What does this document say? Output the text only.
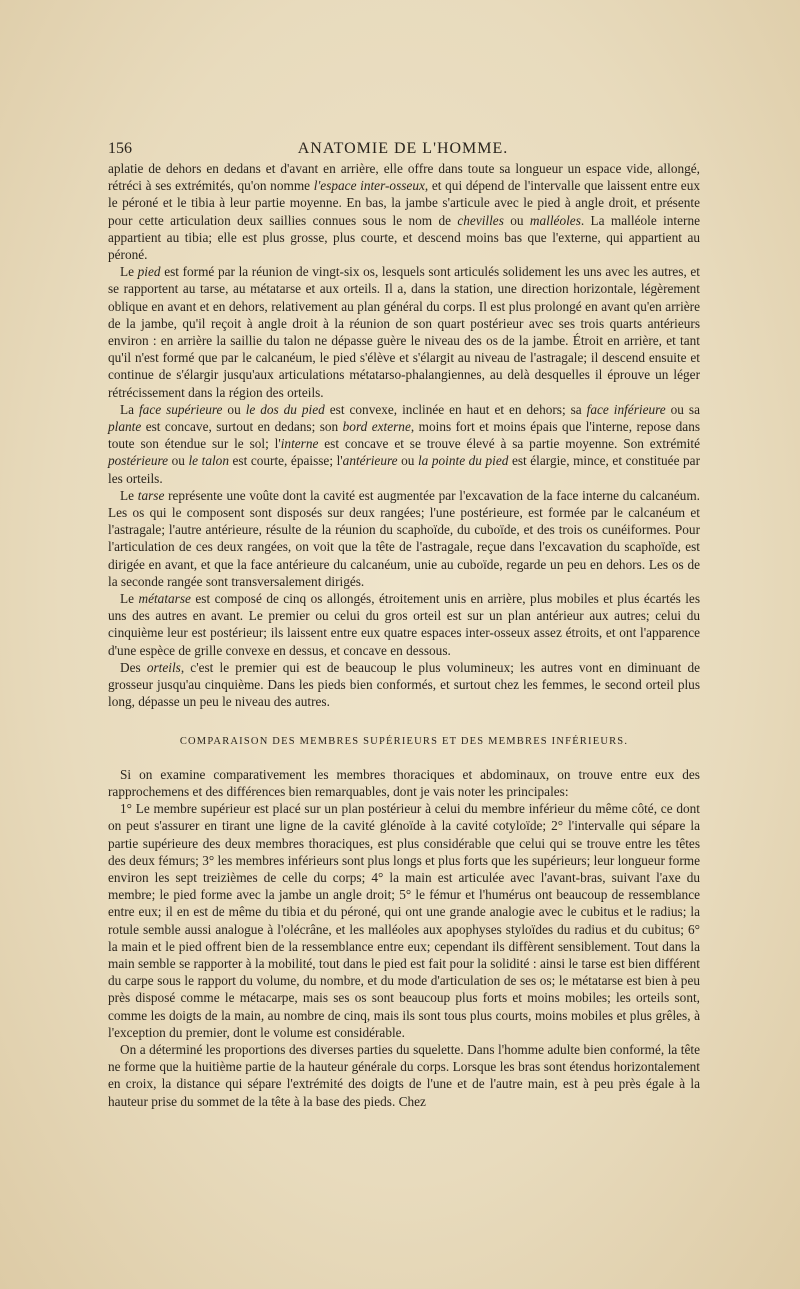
156	ANATOMIE DE L'HOMME.

aplatie de dehors en dedans et d'avant en arrière, elle offre dans toute sa longueur un espace vide, allongé, rétréci à ses extrémités, qu'on nomme l'espace inter-osseux, et qui dépend de l'intervalle que laissent entre eux le péroné et le tibia à leur partie moyenne. En bas, la jambe s'articule avec le pied à angle droit, et présente pour cette articulation deux saillies connues sous le nom de chevilles ou malléoles. La malléole interne appartient au tibia; elle est plus grosse, plus courte, et descend moins bas que l'externe, qui appartient au péroné.

Le pied est formé par la réunion de vingt-six os, lesquels sont articulés solidement les uns avec les autres, et se rapportent au tarse, au métatarse et aux orteils. Il a, dans la station, une direction horizontale, légèrement oblique en avant et en dehors, relativement au plan général du corps. Il est plus prolongé en avant qu'en arrière de la jambe, qu'il reçoit à angle droit à la réunion de son quart postérieur avec ses trois quarts antérieurs environ : en arrière la saillie du talon ne dépasse guère le niveau des os de la jambe. Étroit en arrière, et tant qu'il n'est formé que par le calcanéum, le pied s'élève et s'élargit au niveau de l'astragale; il descend ensuite et continue de s'élargir jusqu'aux articulations métatarso-phalangiennes, au delà desquelles il éprouve un léger rétrécissement dans la région des orteils.

La face supérieure ou le dos du pied est convexe, inclinée en haut et en dehors; sa face inférieure ou sa plante est concave, surtout en dedans; son bord externe, moins fort et moins épais que l'interne, repose dans toute son étendue sur le sol; l'interne est concave et se trouve élevé à sa partie moyenne. Son extrémité postérieure ou le talon est courte, épaisse; l'antérieure ou la pointe du pied est élargie, mince, et constituée par les orteils.

Le tarse représente une voûte dont la cavité est augmentée par l'excavation de la face interne du calcanéum. Les os qui le composent sont disposés sur deux rangées; l'une postérieure, est formée par le calcanéum et l'astragale; l'autre antérieure, résulte de la réunion du scaphoïde, du cuboïde, et des trois os cunéiformes. Pour l'articulation de ces deux rangées, on voit que la tête de l'astragale, reçue dans l'excavation du scaphoïde, est dirigée en avant, et que la face antérieure du calcanéum, unie au cuboïde, regarde un peu en dehors. Les os de la seconde rangée sont transversalement dirigés.

Le métatarse est composé de cinq os allongés, étroitement unis en arrière, plus mobiles et plus écartés les uns des autres en avant. Le premier ou celui du gros orteil est sur un plan antérieur aux autres; celui du cinquième leur est postérieur; ils laissent entre eux quatre espaces inter-osseux assez étroits, et ont l'apparence d'une espèce de grille convexe en dessus, et concave en dessous.

Des orteils, c'est le premier qui est de beaucoup le plus volumineux; les autres vont en diminuant de grosseur jusqu'au cinquième. Dans les pieds bien conformés, et surtout chez les femmes, le second orteil plus long, dépasse un peu le niveau des autres.

COMPARAISON DES MEMBRES SUPÉRIEURS ET DES MEMBRES INFÉRIEURS.

Si on examine comparativement les membres thoraciques et abdominaux, on trouve entre eux des rapprochemens et des différences bien remarquables, dont je vais noter les principales:

1° Le membre supérieur est placé sur un plan postérieur à celui du membre inférieur du même côté, ce dont on peut s'assurer en tirant une ligne de la cavité glénoïde à la cavité cotyloïde; 2° l'intervalle qui sépare la partie supérieure des deux membres thoraciques, est plus considérable que celui qui se trouve entre les têtes des deux fémurs; 3° les membres inférieurs sont plus longs et plus forts que les supérieurs; leur longueur forme environ les sept treizièmes de celle du corps; 4° la main est articulée avec l'avant-bras, suivant l'axe du membre; le pied forme avec la jambe un angle droit; 5° le fémur et l'humérus ont beaucoup de ressemblance entre eux; il en est de même du tibia et du péroné, qui ont une grande analogie avec le cubitus et le radius; la rotule semble aussi analogue à l'olécrâne, et les malléoles aux apophyses styloïdes du radius et du cubitus; 6° la main et le pied offrent bien de la ressemblance entre eux; cependant ils diffèrent sensiblement. Tout dans la main semble se rapporter à la mobilité, tout dans le pied est fait pour la solidité : ainsi le tarse est bien différent du carpe sous le rapport du volume, du nombre, et du mode d'articulation de ses os; le métatarse est bien à peu près disposé comme le métacarpe, mais ses os sont beaucoup plus forts et moins mobiles; les orteils sont, comme les doigts de la main, au nombre de cinq, mais ils sont tous plus courts, moins mobiles et plus grêles, à l'exception du premier, dont le volume est considérable.

On a déterminé les proportions des diverses parties du squelette. Dans l'homme adulte bien conformé, la tête ne forme que la huitième partie de la hauteur générale du corps. Lorsque les bras sont étendus horizontalement en croix, la distance qui sépare l'extrémité des doigts de l'une et de l'autre main, est à peu près égale à la hauteur prise du sommet de la tête à la base des pieds. Chez
